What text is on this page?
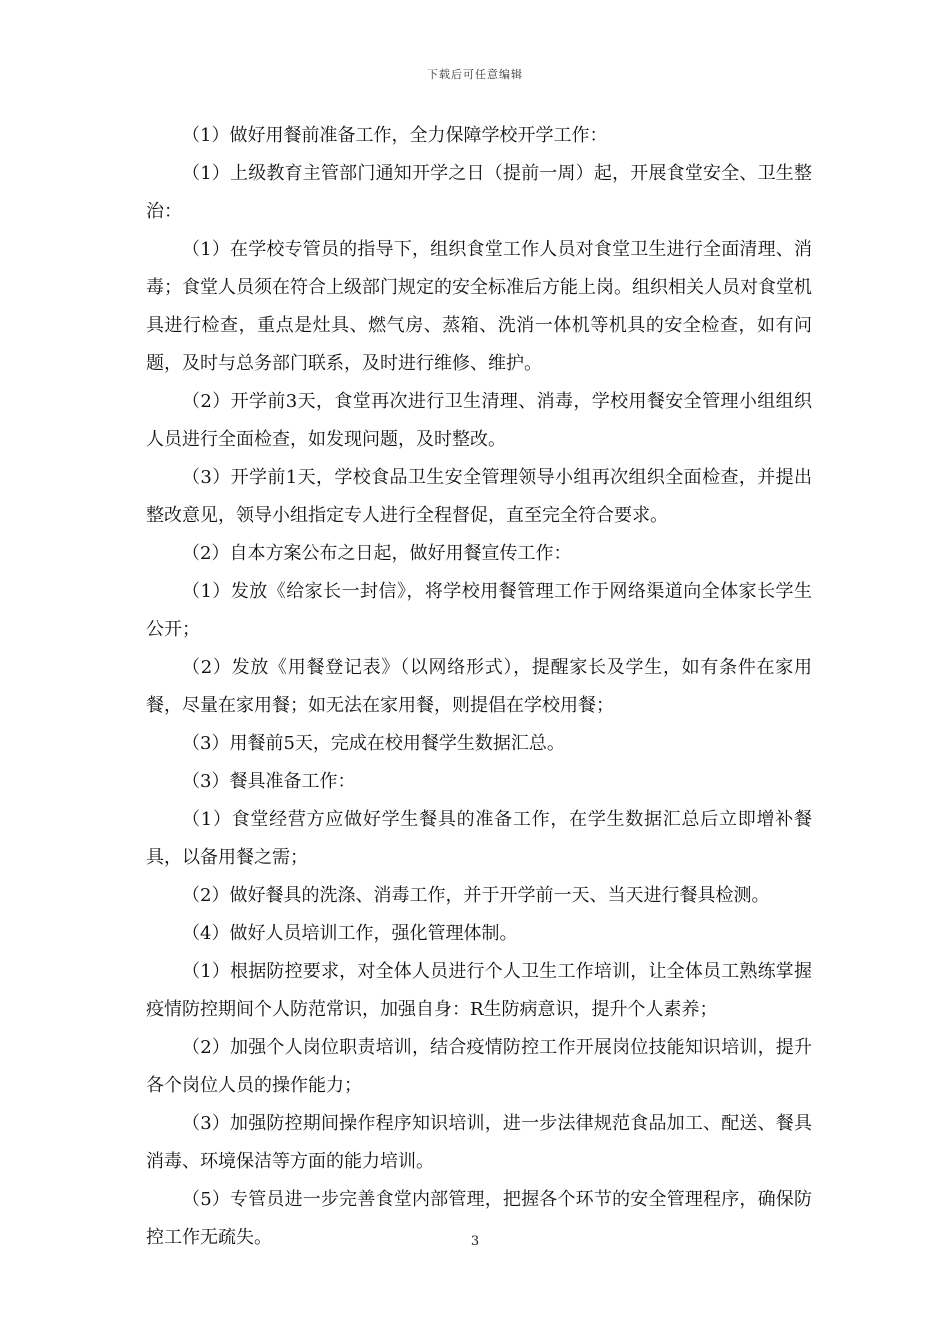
下载后可任意编辑

（1）做好用餐前准备工作，全力保障学校开学工作：

（1）上级教育主管部门通知开学之日（提前一周）起，开展食堂安全、卫生整治：

（1）在学校专管员的指导下，组织食堂工作人员对食堂卫生进行全面清理、消毒；食堂人员须在符合上级部门规定的安全标准后方能上岗。组织相关人员对食堂机具进行检查，重点是灶具、燃气房、蒸箱、洗消一体机等机具的安全检查，如有问题，及时与总务部门联系，及时进行维修、维护。

（2）开学前3天，食堂再次进行卫生清理、消毒，学校用餐安全管理小组组织人员进行全面检查，如发现问题，及时整改。

（3）开学前1天，学校食品卫生安全管理领导小组再次组织全面检查，并提出整改意见，领导小组指定专人进行全程督促，直至完全符合要求。

（2）自本方案公布之日起，做好用餐宣传工作：

（1）发放《给家长一封信》，将学校用餐管理工作于网络渠道向全体家长学生公开；

（2）发放《用餐登记表》（以网络形式），提醒家长及学生，如有条件在家用餐，尽量在家用餐；如无法在家用餐，则提倡在学校用餐；

（3）用餐前5天，完成在校用餐学生数据汇总。

（3）餐具准备工作：

（1）食堂经营方应做好学生餐具的准备工作，在学生数据汇总后立即增补餐具，以备用餐之需；

（2）做好餐具的洗涤、消毒工作，并于开学前一天、当天进行餐具检测。

（4）做好人员培训工作，强化管理体制。

（1）根据防控要求，对全体人员进行个人卫生工作培训，让全体员工熟练掌握疫情防控期间个人防范常识，加强自身：R生防病意识，提升个人素养；

（2）加强个人岗位职责培训，结合疫情防控工作开展岗位技能知识培训，提升各个岗位人员的操作能力；

（3）加强防控期间操作程序知识培训，进一步法律规范食品加工、配送、餐具消毒、环境保洁等方面的能力培训。

（5）专管员进一步完善食堂内部管理，把握各个环节的安全管理程序，确保防控工作无疏失。	3
